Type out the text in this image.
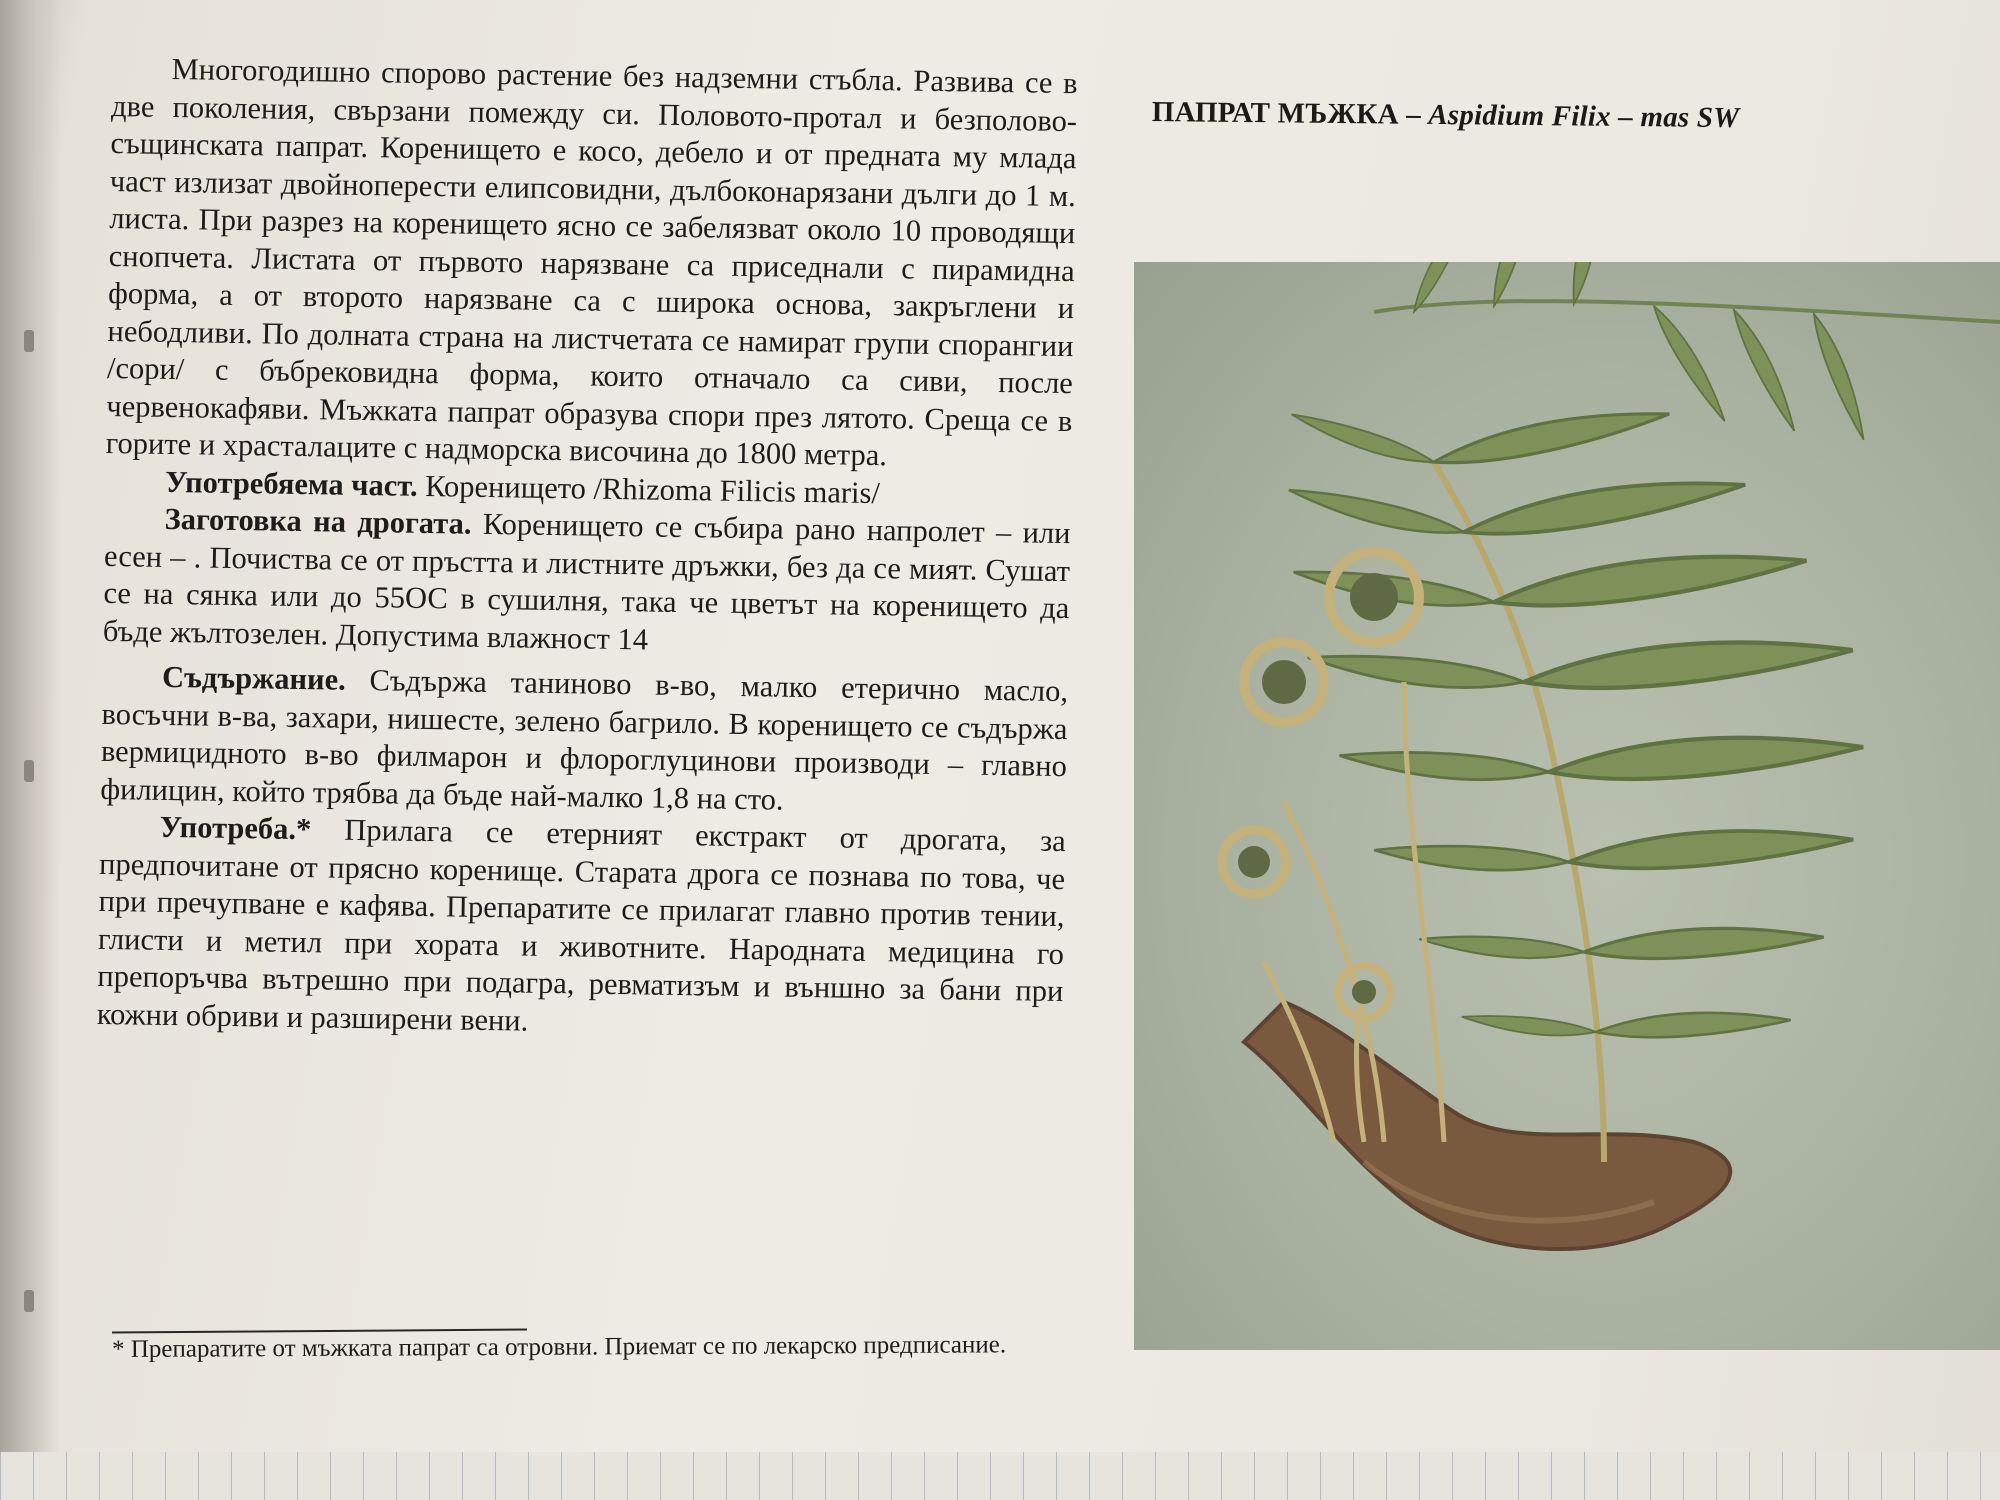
Многогодишно спорово растение без надземни стъбла. Развива се в две поколения, свързани помежду си. Половото-протал и безполово-същинската папрат. Коренището е косо, дебело и от предната му млада част излизат двойноперести елипсовидни, дълбоконарязани дълги до 1 м. листа. При разрез на коренището ясно се забелязват около 10 проводящи снопчета. Листата от първото нарязване са приседнали с пирамидна форма, а от второто нарязване са с широка основа, закръглени и небодливи. По долната страна на листчетата се намират групи спорангии /сори/ с бъбрековидна форма, които отначало са сиви, после червенокафяви. Мъжката папрат образува спори през лятото. Среща се в горите и храсталаците с надморска височина до 1800 метра.

Употребяема част. Коренището /Rhizoma Filicis maris/

Заготовка на дрогата. Коренището се събира рано напролет – или есен – . Почиства се от пръстта и листните дръжки, без да се мият. Сушат се на сянка или до 55ОС в сушилня, така че цветът на коренището да бъде жълтозелен. Допустима влажност 14

Съдържание. Съдържа таниново в-во, малко етерично масло, восъчни в-ва, захари, нишесте, зелено багрило. В коренището се съдържа вермицидното в-во филмарон и флороглуцинови производи – главно филицин, който трябва да бъде най-малко 1,8 на сто.

Употреба.* Прилага се етерният екстракт от дрогата, за предпочитане от прясно коренище. Старата дрога се познава по това, че при пречупване е кафява. Препаратите се прилагат главно против тении, глисти и метил при хората и животните. Народната медицина го препоръчва вътрешно при подагра, ревматизъм и външно за бани при кожни обриви и разширени вени.

* Препаратите от мъжката папрат са отровни. Приемат се по лекарско предписание.
ПАПРАТ МЪЖКА – Aspidium Filix – mas SW
